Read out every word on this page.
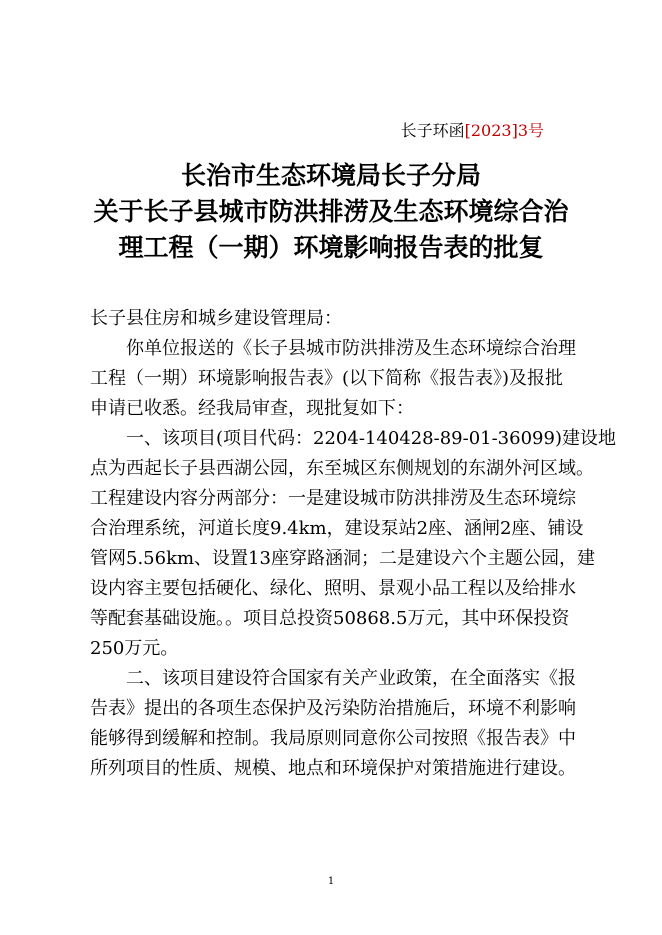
长子环函[2023]3号
长治市生态环境局长子分局
关于长子县城市防洪排涝及生态环境综合治
理工程（一期）环境影响报告表的批复
长子县住房和城乡建设管理局：
你单位报送的《长子县城市防洪排涝及生态环境综合治理
工程（一期）环境影响报告表》(以下简称《报告表》)及报批
申请已收悉。经我局审查，现批复如下：
一、该项目(项目代码：2204-140428-89-01-36099)建设地
点为西起长子县西湖公园，东至城区东侧规划的东湖外河区域。
工程建设内容分两部分：一是建设城市防洪排涝及生态环境综
合治理系统，河道长度9.4km，建设泵站2座、涵闸2座、铺设
管网5.56km、设置13座穿路涵洞；二是建设六个主题公园，建
设内容主要包括硬化、绿化、照明、景观小品工程以及给排水
等配套基础设施。。项目总投资50868.5万元，其中环保投资
250万元。
二、该项目建设符合国家有关产业政策，在全面落实《报
告表》提出的各项生态保护及污染防治措施后，环境不利影响
能够得到缓解和控制。我局原则同意你公司按照《报告表》中
所列项目的性质、规模、地点和环境保护对策措施进行建设。
1
